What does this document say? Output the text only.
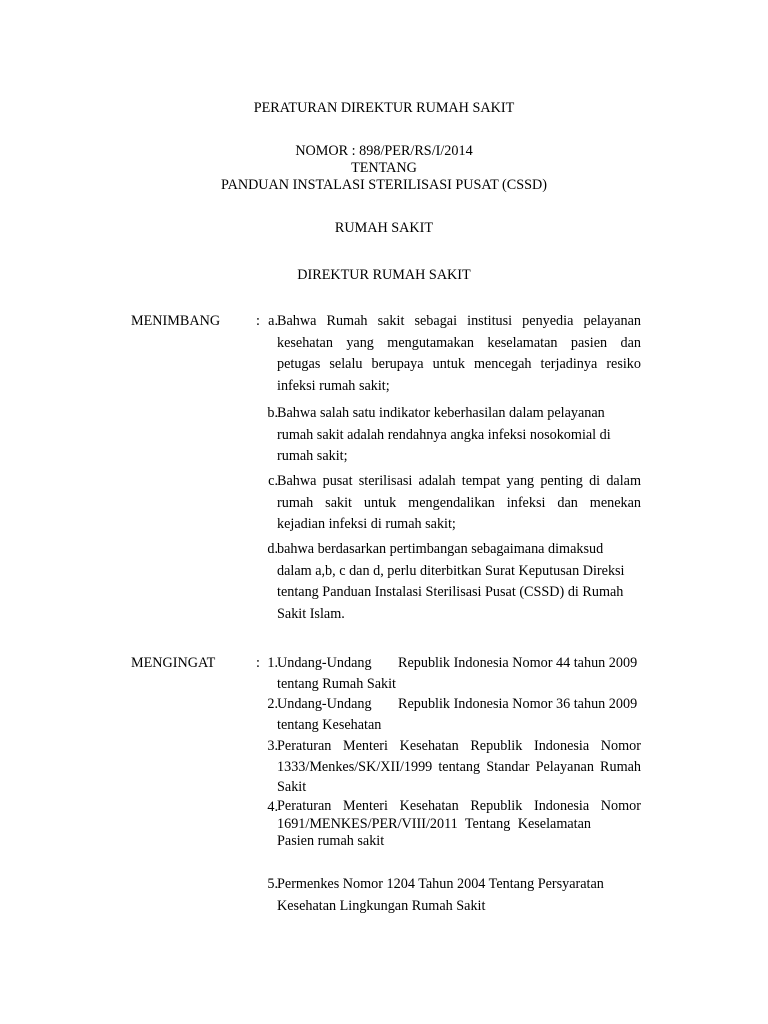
PERATURAN DIREKTUR RUMAH SAKIT
NOMOR : 898/PER/RS/I/2014
TENTANG
PANDUAN INSTALASI STERILISASI PUSAT (CSSD)
RUMAH SAKIT
DIREKTUR RUMAH SAKIT
MENIMBANG	: a. Bahwa Rumah sakit sebagai institusi penyedia pelayanan
kesehatan yang mengutamakan keselamatan pasien dan
petugas selalu berupaya untuk mencegah terjadinya resiko
infeksi rumah sakit;
b. Bahwa salah satu indikator keberhasilan dalam pelayanan
rumah sakit adalah rendahnya angka infeksi nosokomial di
rumah sakit;
c. Bahwa pusat sterilisasi adalah tempat yang penting di dalam
rumah sakit untuk mengendalikan infeksi dan menekan
kejadian infeksi di rumah sakit;
d. bahwa berdasarkan pertimbangan sebagaimana dimaksud
dalam a,b, c dan d, perlu diterbitkan Surat Keputusan Direksi
tentang Panduan Instalasi Sterilisasi Pusat (CSSD) di Rumah
Sakit Islam.
MENGINGAT	: 1. Undang-Undang Republik Indonesia Nomor 44 tahun 2009
tentang Rumah Sakit
2. Undang-Undang Republik Indonesia Nomor 36 tahun 2009
tentang Kesehatan
3. Peraturan Menteri Kesehatan Republik Indonesia Nomor
1333/Menkes/SK/XII/1999 tentang Standar Pelayanan Rumah
Sakit
4. Peraturan Menteri Kesehatan Republik Indonesia Nomor
1691/MENKES/PER/VIII/2011 Tentang Keselamatan
Pasien rumah sakit
5. Permenkes Nomor 1204 Tahun 2004 Tentang Persyaratan
Kesehatan Lingkungan Rumah Sakit
